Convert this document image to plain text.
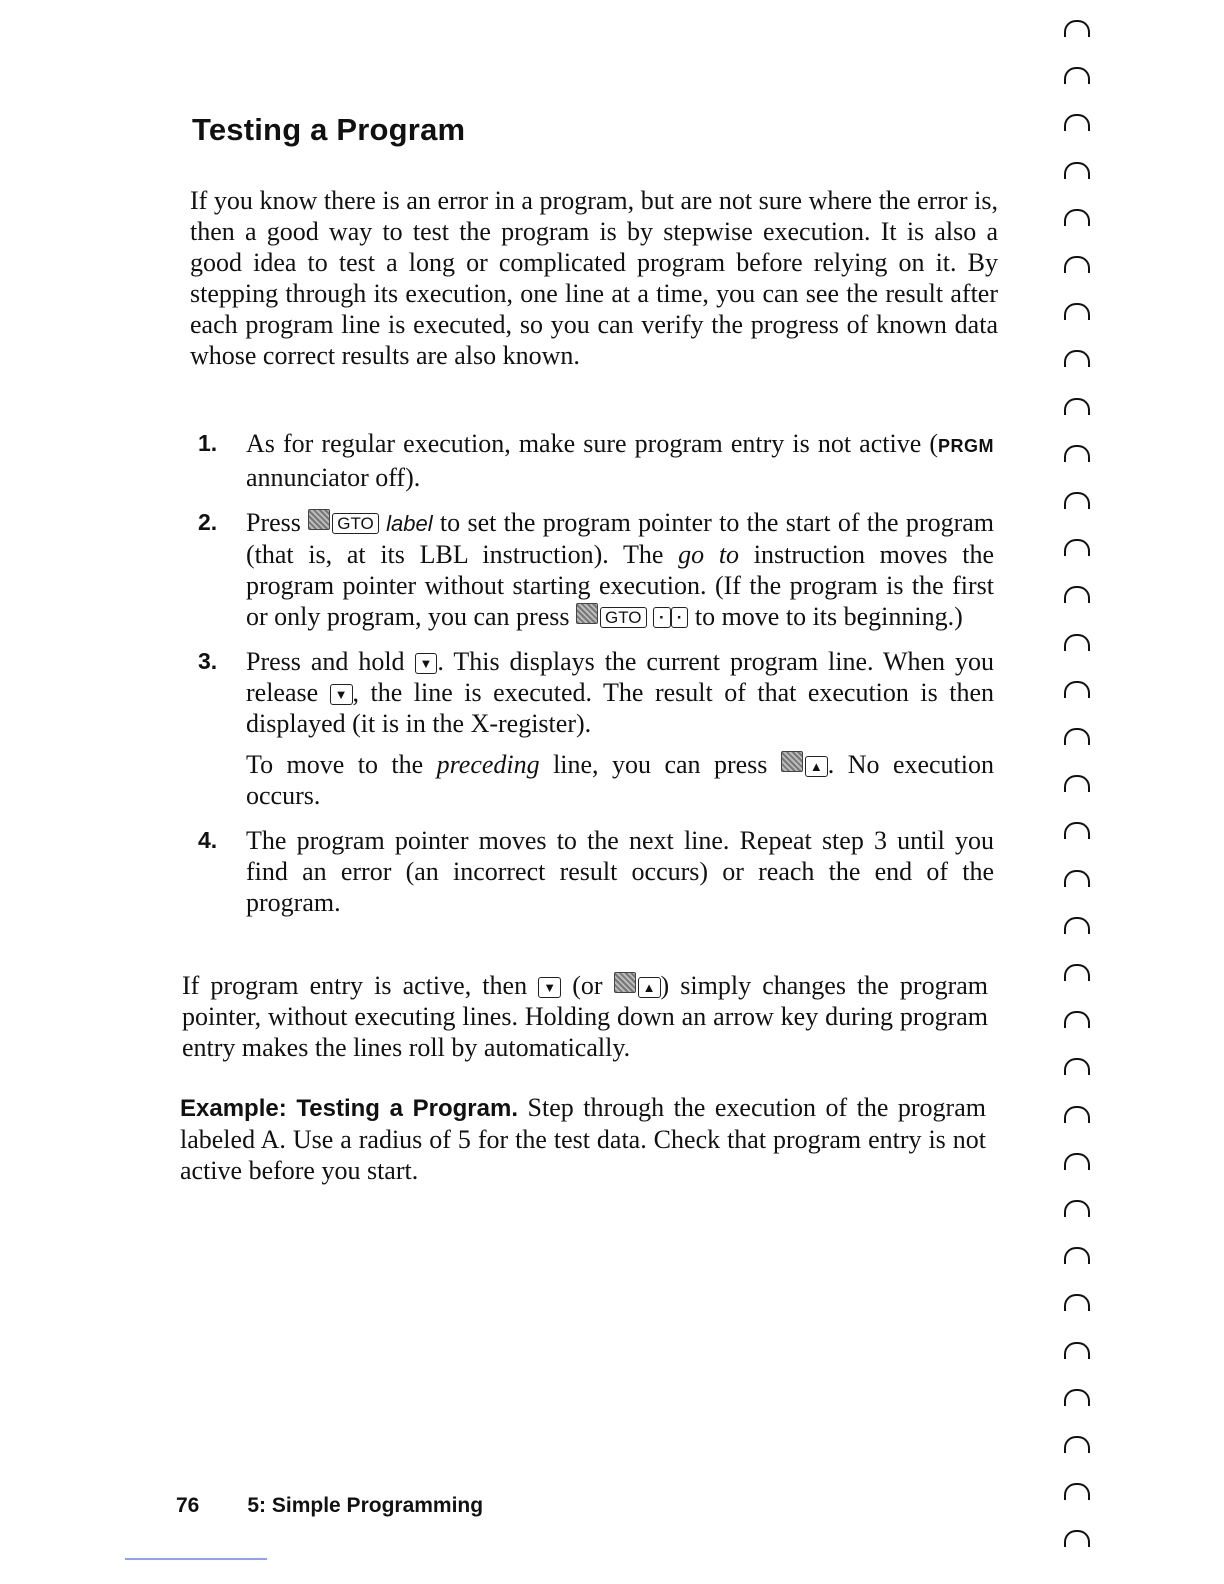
Testing a Program

If you know there is an error in a program, but are not sure where the error is, then a good way to test the program is by stepwise execution. It is also a good idea to test a long or complicated program before relying on it. By stepping through its execution, one line at a time, you can see the result after each program line is executed, so you can verify the progress of known data whose correct results are also known.

1.	As for regular execution, make sure program entry is not active (PRGM annunciator off).

2.	Press GTO label to set the program pointer to the start of the program (that is, at its LBL instruction). The go to instruction moves the program pointer without starting execution. (If the program is the first or only program, you can press GTO · · to move to its beginning.)

3.	Press and hold ▼ . This displays the current program line. When you release ▼ , the line is executed. The result of that execution is then displayed (it is in the X-register).

To move to the preceding line, you can press	▲ . No execution occurs.

4.	The program pointer moves to the next line. Repeat step 3 until you find an error (an incorrect result occurs) or reach the end of the program.

If program entry is active, then ▼ (or	▲ ) simply changes the program pointer, without executing lines. Holding down an arrow key during program entry makes the lines roll by automatically.

Example: Testing a Program. Step through the execution of the program labeled A. Use a radius of 5 for the test data. Check that program entry is not active before you start.

76 5: Simple Programming
